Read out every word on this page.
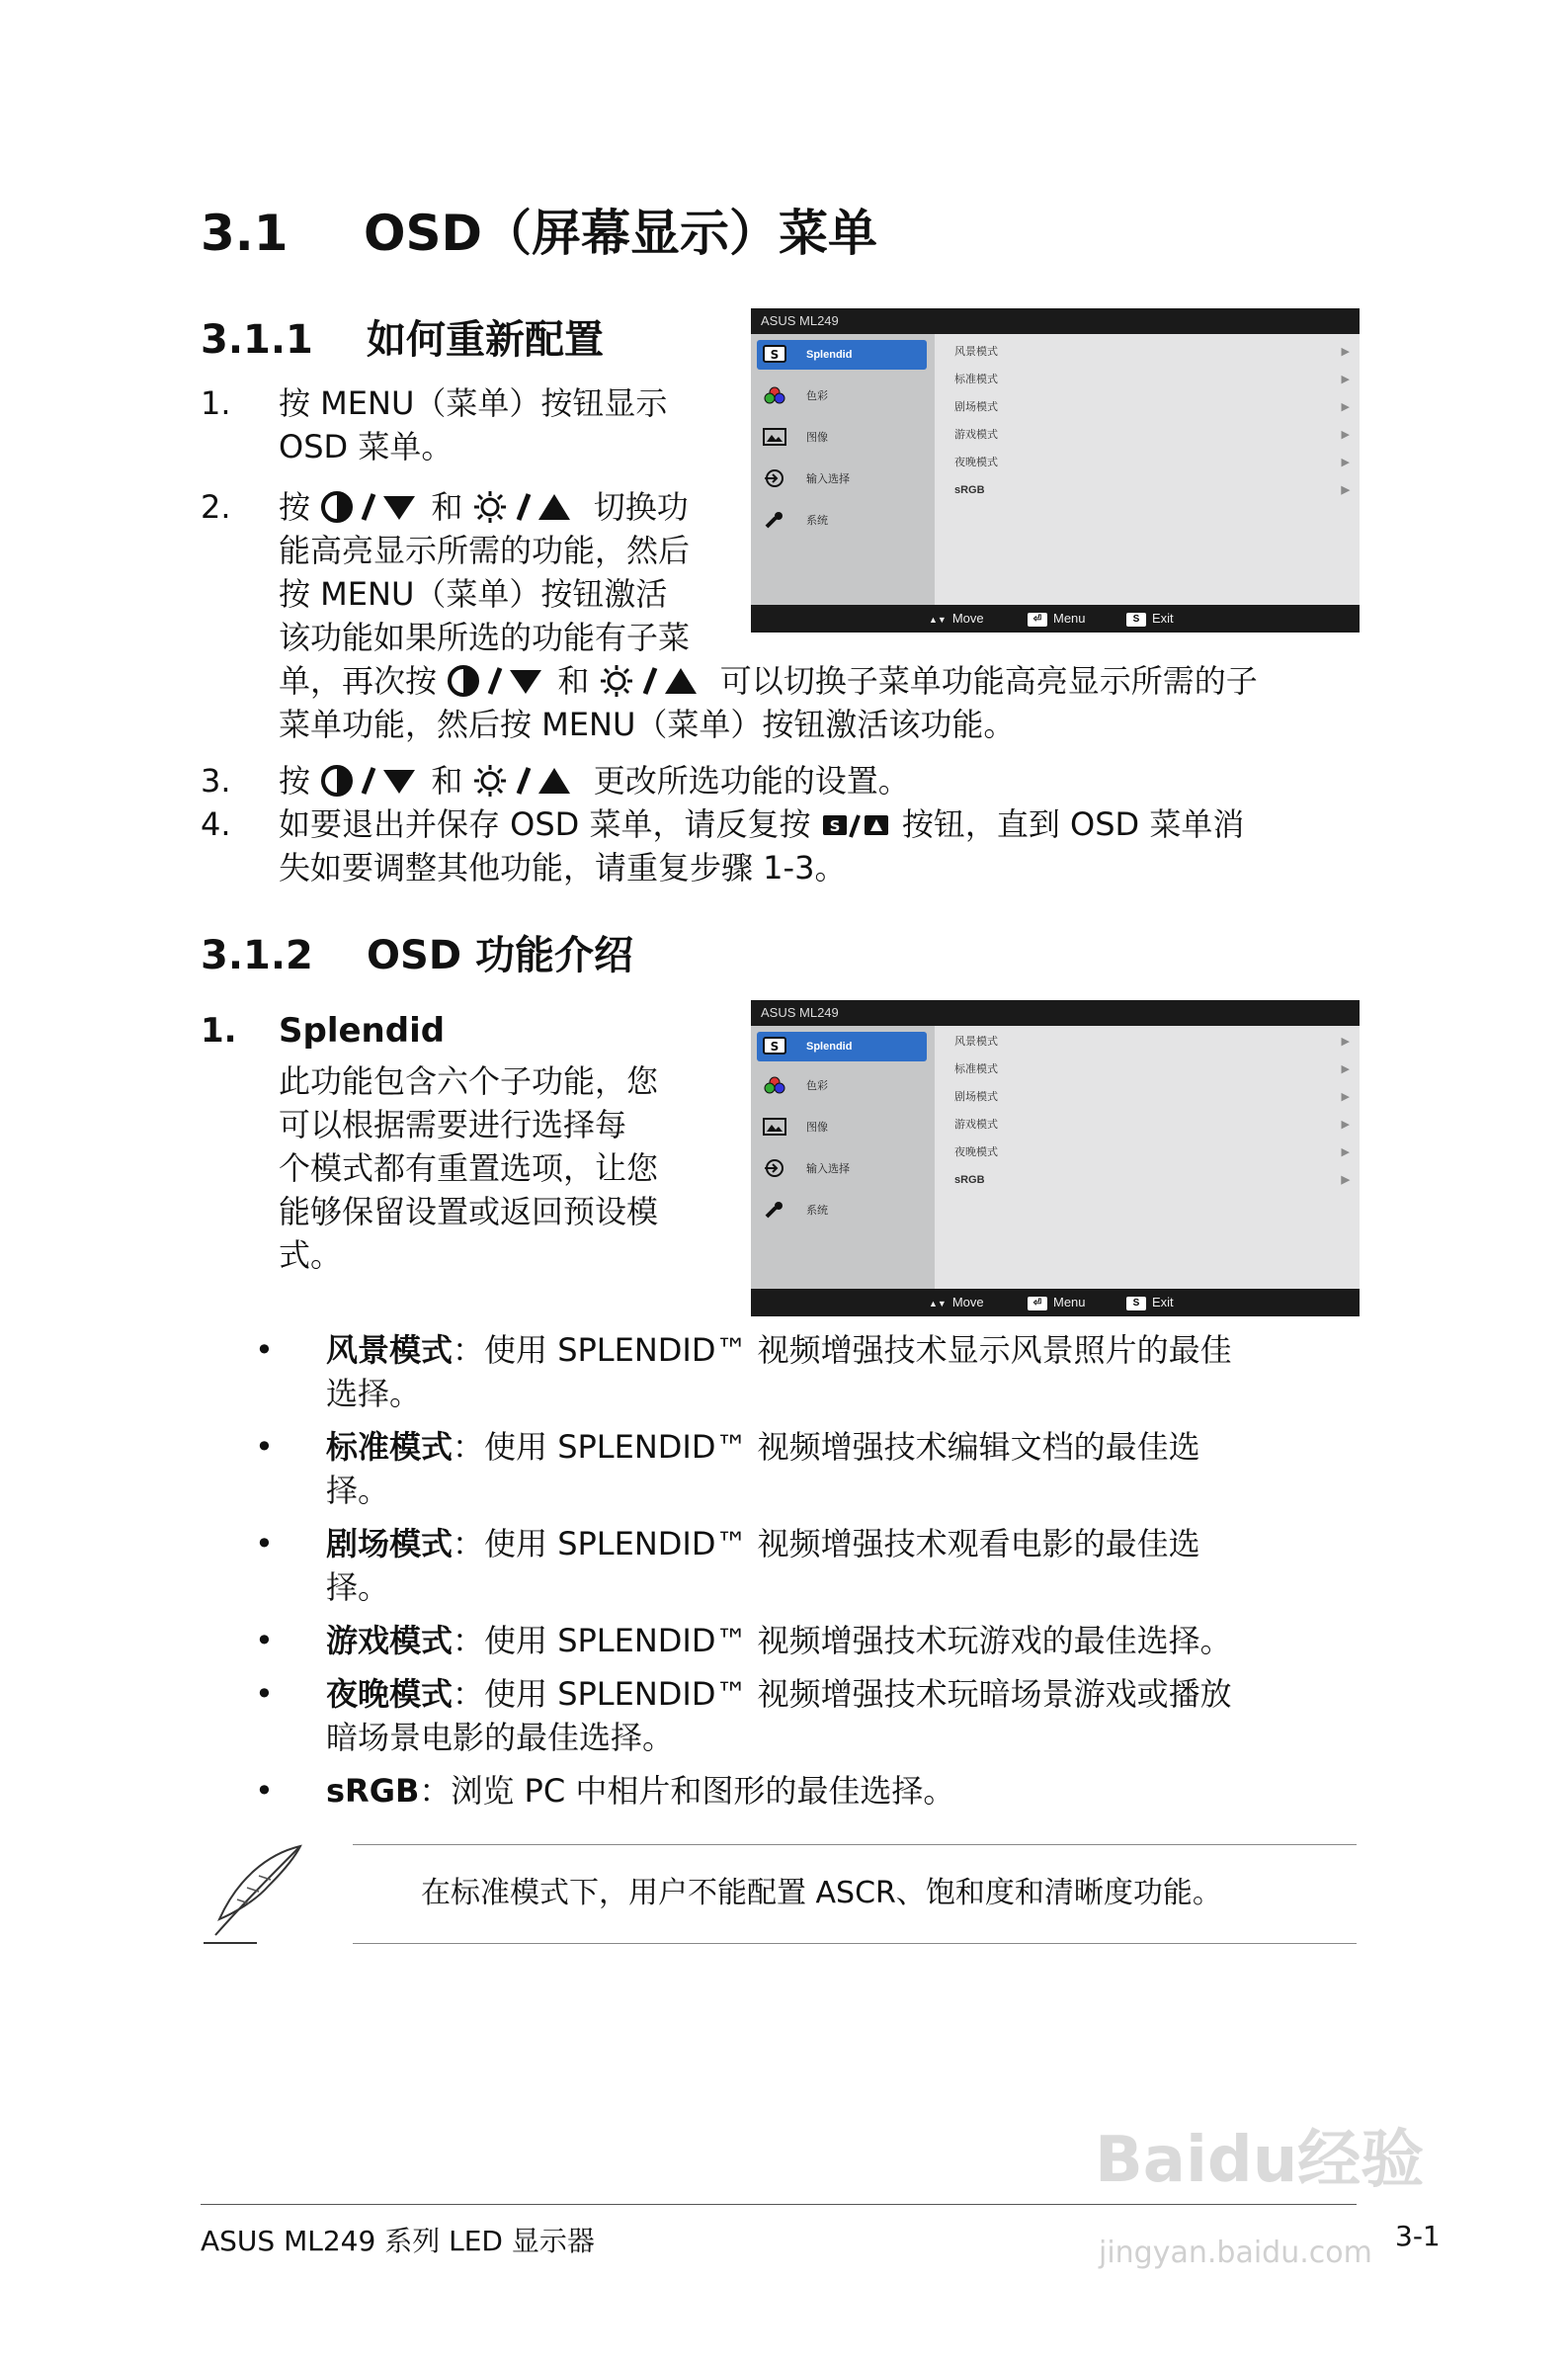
3.1 OSD（屏幕显示）菜单
3.1.1 如何重新配置
1. 按 MENU（菜单）按钮显示
OSD 菜单。
2. 按	和	切换功
能高亮显示所需的功能，然后
按 MENU（菜单）按钮激活
该功能如果所选的功能有子菜
单，再次按	和	可以切换子菜单功能高亮显示所需的子
菜单功能，然后按 MENU（菜单）按钮激活该功能。
3. 按	和	更改所选功能的设置。
4. 如要退出并保存 OSD 菜单，请反复按 S 按钮，直到 OSD 菜单消
失如要调整其他功能，请重复步骤 1-3。
ASUS ML249
S	Splendid
色彩
图像
输入选择
系统
风景模式	▶
标准模式	▶
剧场模式	▶
游戏模式	▶
夜晚模式	▶
sRGB	▶
▲▼ Move	⏎ Menu	S Exit
3.1.2 OSD 功能介绍
1. Splendid
此功能包含六个子功能，您
可以根据需要进行选择每
个模式都有重置选项，让您
能够保留设置或返回预设模
式。
ASUS ML249
S	Splendid
色彩
图像
输入选择
系统
风景模式	▶
标准模式	▶
剧场模式	▶
游戏模式	▶
夜晚模式	▶
sRGB	▶
▲▼ Move	⏎ Menu	S Exit
• 风景模式：使用 SPLENDID™ 视频增强技术显示风景照片的最佳
选择。
• 标准模式：使用 SPLENDID™ 视频增强技术编辑文档的最佳选
择。
• 剧场模式：使用 SPLENDID™ 视频增强技术观看电影的最佳选
择。
• 游戏模式：使用 SPLENDID™ 视频增强技术玩游戏的最佳选择。
• 夜晚模式：使用 SPLENDID™ 视频增强技术玩暗场景游戏或播放
暗场景电影的最佳选择。
• sRGB：浏览 PC 中相片和图形的最佳选择。
在标准模式下，用户不能配置 ASCR、饱和度和清晰度功能。
ASUS ML249 系列 LED 显示器	3-1
Baidu经验
jingyan.baidu.com
